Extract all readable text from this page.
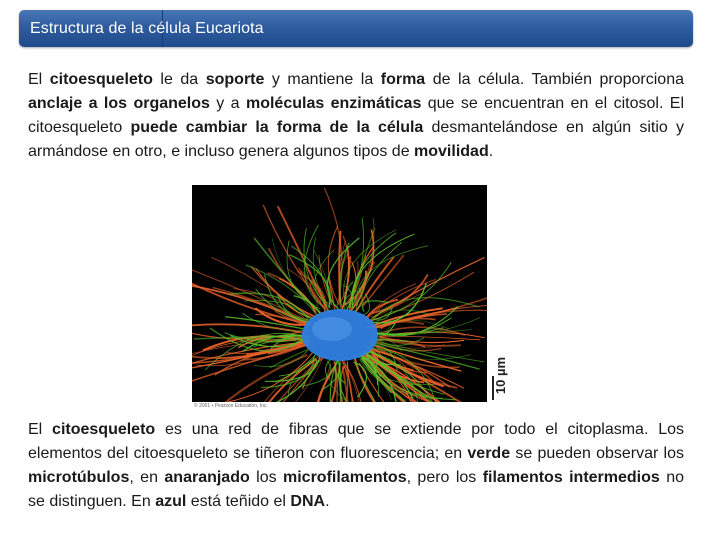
Estructura de la célula Eucariota

El citoesqueleto le da soporte y mantiene la forma de la célula. También proporciona anclaje a los organelos y a moléculas enzimáticas que se encuentran en el citosol. El citoesqueleto puede cambiar la forma de la célula desmantelándose en algún sitio y armándose en otro, e incluso genera algunos tipos de movilidad.

10 µm
© 2001 • Pearson Education, Inc.

El citoesqueleto es una red de fibras que se extiende por todo el citoplasma. Los elementos del citoesqueleto se tiñeron con fluorescencia; en verde se pueden observar los microtúbulos, en anaranjado los microfilamentos, pero los filamentos intermedios no se distinguen. En azul está teñido el DNA.
